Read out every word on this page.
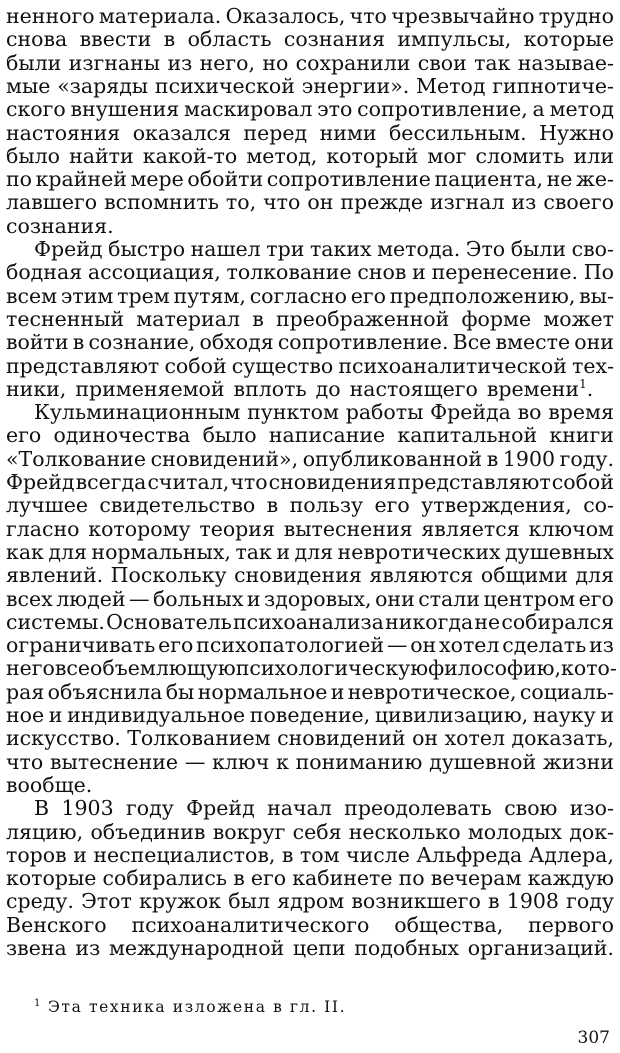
ненного материала. Оказалось, что чрезвычайно трудно
снова ввести в область сознания импульсы, которые
были изгнаны из него, но сохранили свои так называе-
мые «заряды психической энергии». Метод гипнотиче-
ского внушения маскировал это сопротивление, а метод
настояния оказался перед ними бессильным. Нужно
было найти какой-то метод, который мог сломить или
по крайней мере обойти сопротивление пациента, не же-
лавшего вспомнить то, что он прежде изгнал из своего
сознания.
Фрейд быстро нашел три таких метода. Это были сво-
бодная ассоциация, толкование снов и перенесение. По
всем этим трем путям, согласно его предположению, вы-
тесненный материал в преображенной форме может
войти в сознание, обходя сопротивление. Все вместе они
представляют собой существо психоаналитической тех-
ники, применяемой вплоть до настоящего времени$^1$.
Кульминационным пунктом работы Фрейда во время
его одиночества было написание капитальной книги
«Толкование сновидений», опубликованной в 1900 году.
Фрейд всегда считал, что сновидения представляют собой
лучшее свидетельство в пользу его утверждения, со-
гласно которому теория вытеснения является ключом
как для нормальных, так и для невротических душевных
явлений. Поскольку сновидения являются общими для
всех людей — больных и здоровых, они стали центром его
системы. Основатель психоанализа никогда не собирался
ограничивать его психопатологией — он хотел сделать из
него всеобъемлющую психологическую философию, кото-
рая объяснила бы нормальное и невротическое, социаль-
ное и индивидуальное поведение, цивилизацию, науку и
искусство. Толкованием сновидений он хотел доказать,
что вытеснение — ключ к пониманию душевной жизни
вообще.
В 1903 году Фрейд начал преодолевать свою изо-
ляцию, объединив вокруг себя несколько молодых док-
торов и неспециалистов, в том числе Альфреда Адлера,
которые собирались в его кабинете по вечерам каждую
среду. Этот кружок был ядром возникшего в 1908 году
Венского психоаналитического общества, первого
звена из международной цепи подобных организаций.
$^1$ Эта техника изложена в гл. II.
307
